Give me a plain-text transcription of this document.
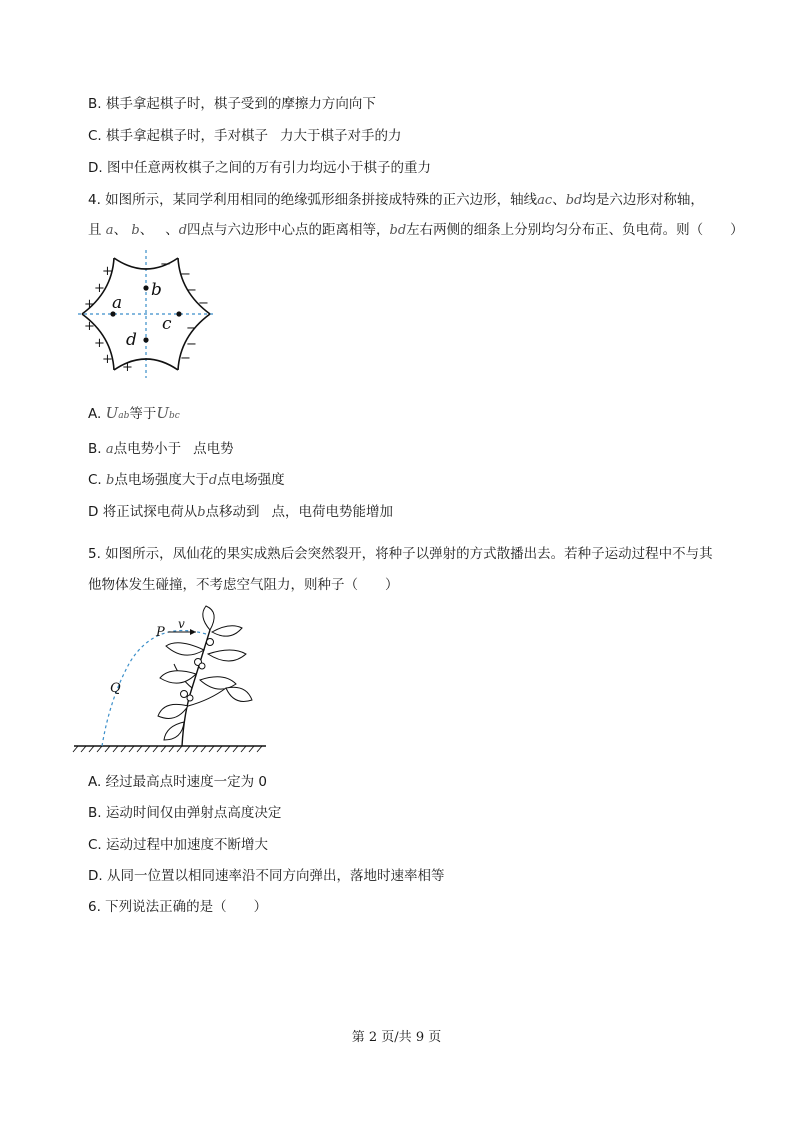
B. 棋手拿起棋子时，棋子受到的摩擦力方向向下
C. 棋手拿起棋子时，手对棋子 力大于棋子对手的力
D. 图中任意两枚棋子之间的万有引力均远小于棋子的重力
4. 如图所示，某同学利用相同的绝缘弧形细条拼接成特殊的正六边形，轴线ac、bd均是六边形对称轴，
且 a、 b、 、d四点与六边形中心点的距离相等，bd左右两侧的细条上分别均匀分布正、负电荷。则（　　）
+
+
+
+
+
+
+
−
−
−
−
−
−
−
a
b
c
d
A. Uab等于Ubc
B. a点电势小于 点电势
C. b点电场强度大于d点电场强度
D 将正试探电荷从b点移动到 点，电荷电势能增加
5. 如图所示，凤仙花的果实成熟后会突然裂开，将种子以弹射的方式散播出去。若种子运动过程中不与其
他物体发生碰撞，不考虑空气阻力，则种子（　　）
P
v
Q
A. 经过最高点时速度一定为 0
B. 运动时间仅由弹射点高度决定
C. 运动过程中加速度不断增大
D. 从同一位置以相同速率沿不同方向弹出，落地时速率相等
6. 下列说法正确的是（　　）
第 2 页/共 9 页
